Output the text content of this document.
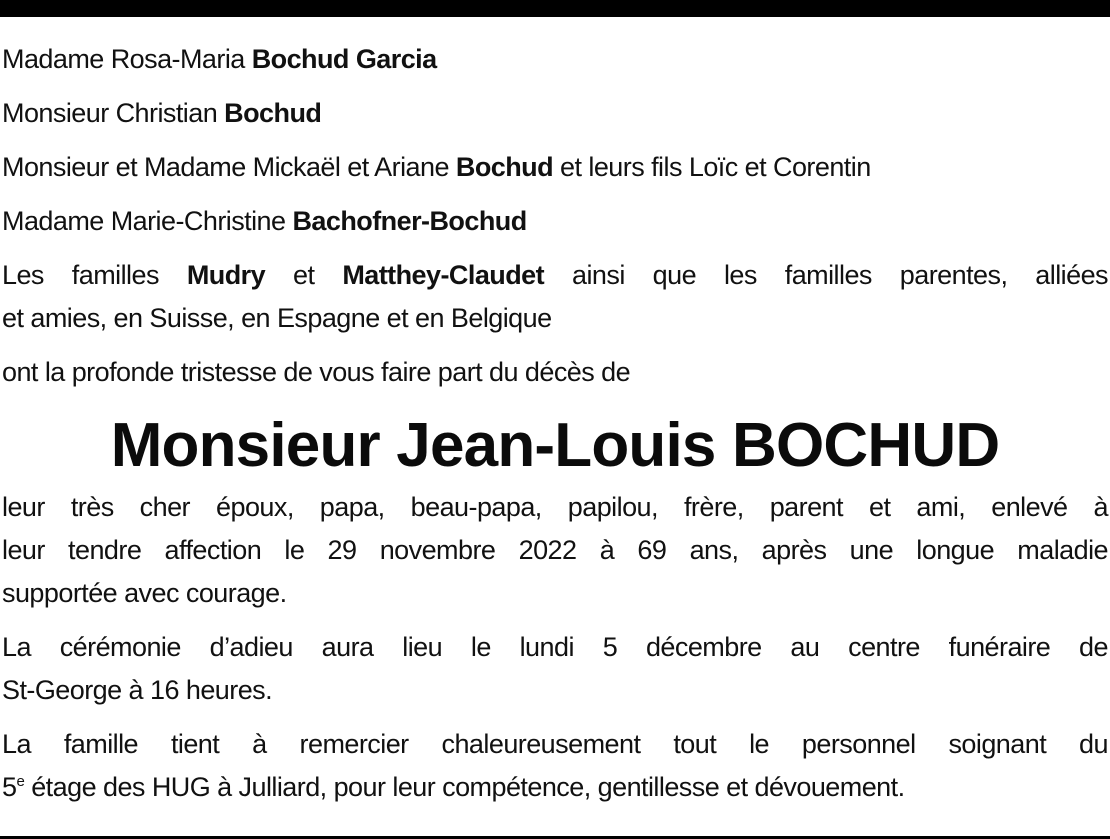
Madame Rosa-Maria Bochud Garcia

Monsieur Christian Bochud

Monsieur et Madame Mickaël et Ariane Bochud et leurs fils Loïc et Corentin

Madame Marie-Christine Bachofner-Bochud

Les familles Mudry et Matthey-Claudet ainsi que les familles parentes, alliées

et amies, en Suisse, en Espagne et en Belgique

ont la profonde tristesse de vous faire part du décès de

Monsieur Jean-Louis BOCHUD

leur très cher époux, papa, beau-papa, papilou, frère, parent et ami, enlevé à
leur tendre affection le 29 novembre 2022 à 69 ans, après une longue maladie
supportée avec courage.
La cérémonie d’adieu aura lieu le lundi 5 décembre au centre funéraire de
St-George à 16 heures.
La famille tient à remercier chaleureusement tout le personnel soignant du
5e étage des HUG à Julliard, pour leur compétence, gentillesse et dévouement.
